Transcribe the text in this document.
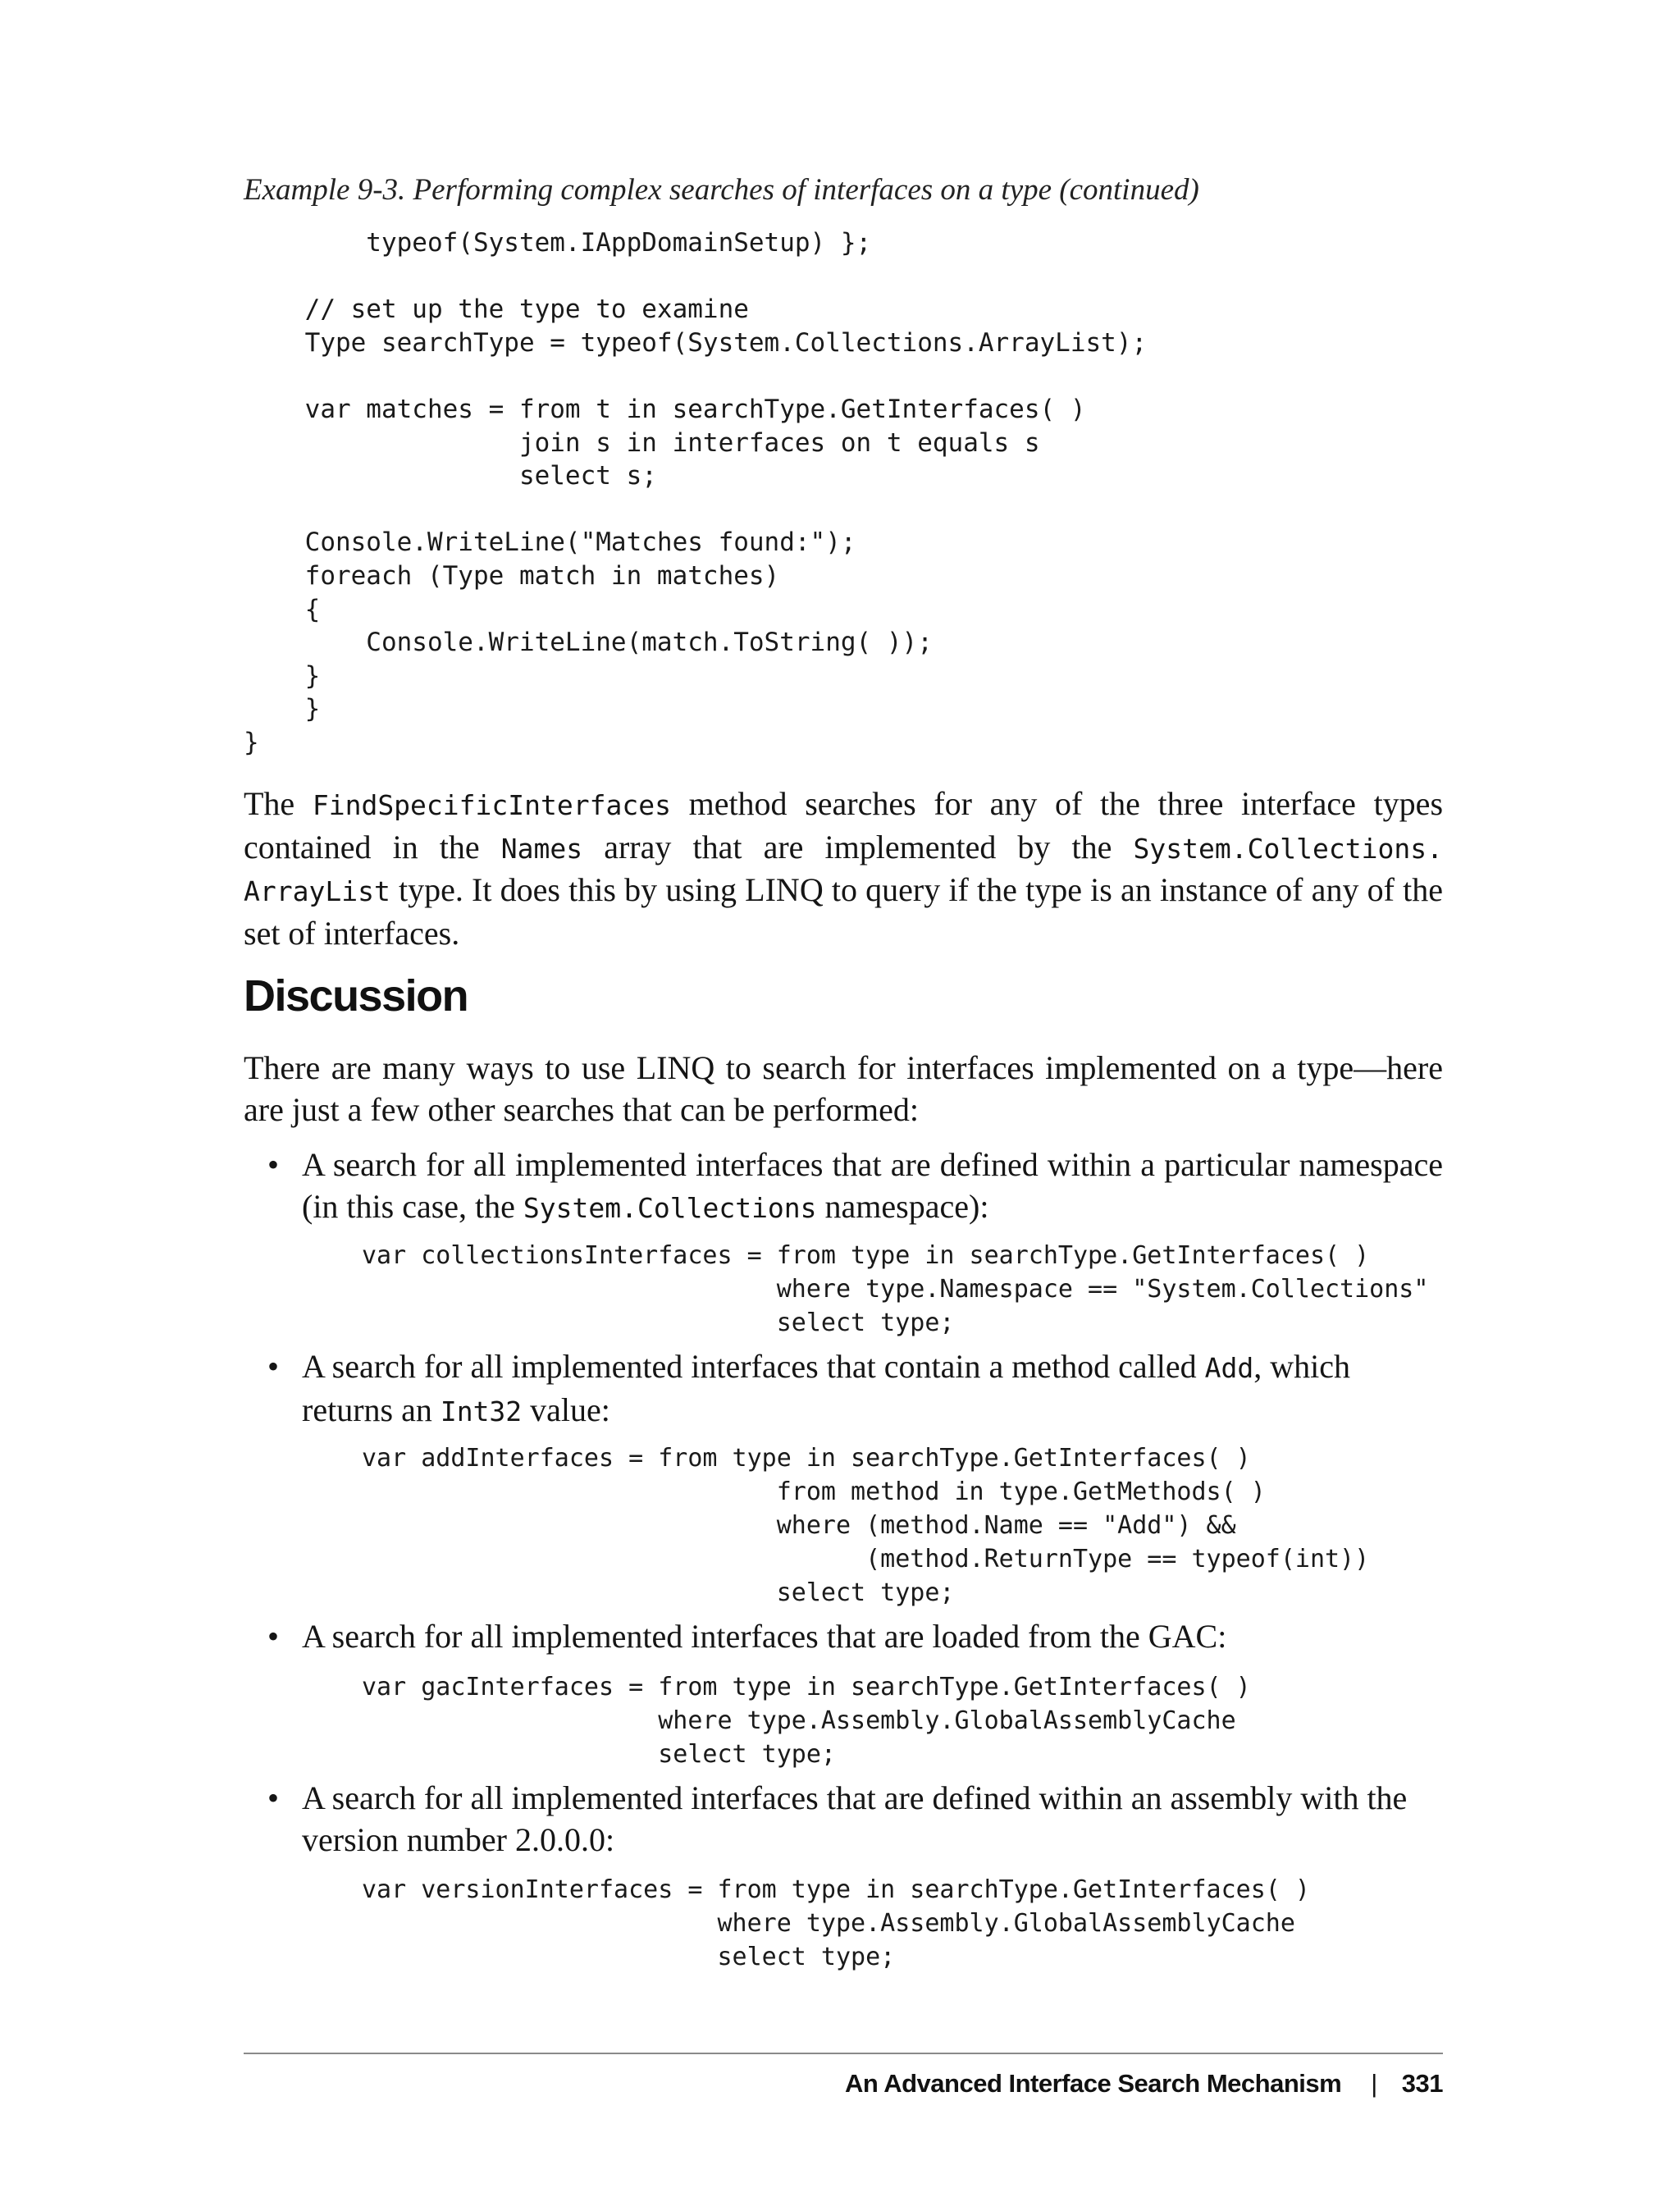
Example 9-3. Performing complex searches of interfaces on a type (continued)
typeof(System.IAppDomainSetup) };

// set up the type to examine
Type searchType = typeof(System.Collections.ArrayList);

var matches = from t in searchType.GetInterfaces( )
join s in interfaces on t equals s
select s;

Console.WriteLine("Matches found:");
foreach (Type match in matches)
{
Console.WriteLine(match.ToString( ));
}
}
}
The FindSpecificInterfaces method searches for any of the three interface types contained in the Names array that are implemented by the System.Collections. ArrayList type. It does this by using LINQ to query if the type is an instance of any of the set of interfaces.
Discussion
There are many ways to use LINQ to search for interfaces implemented on a type—here are just a few other searches that can be performed:
• A search for all implemented interfaces that are defined within a particular namespace (in this case, the System.Collections namespace):
var collectionsInterfaces = from type in searchType.GetInterfaces( )
where type.Namespace == "System.Collections"
select type;
• A search for all implemented interfaces that contain a method called Add, which returns an Int32 value:
var addInterfaces = from type in searchType.GetInterfaces( )
from method in type.GetMethods( )
where (method.Name == "Add") &&
(method.ReturnType == typeof(int))
select type;
• A search for all implemented interfaces that are loaded from the GAC:
var gacInterfaces = from type in searchType.GetInterfaces( )
where type.Assembly.GlobalAssemblyCache
select type;
• A search for all implemented interfaces that are defined within an assembly with the version number 2.0.0.0:
var versionInterfaces = from type in searchType.GetInterfaces( )
where type.Assembly.GlobalAssemblyCache
select type;
An Advanced Interface Search Mechanism | 331
